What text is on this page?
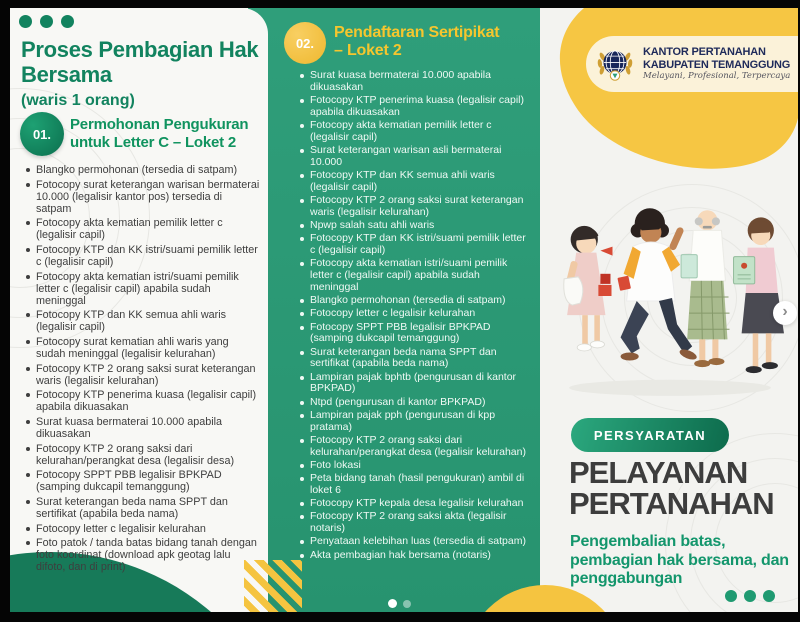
Proses Pembagian Hak
Bersama
(waris 1 orang)
01.
Permohonan Pengukuran
untuk Letter C – Loket 2
Blangko permohonan (tersedia di satpam)
Fotocopy surat keterangan warisan bermaterai 10.000 (legalisir kantor pos) tersedia di satpam
Fotocopy akta kematian pemilik letter c (legalisir capil)
Fotocopy KTP dan KK istri/suami pemilik letter c (legalisir capil)
Fotocopy akta kematian istri/suami pemilik letter c (legalisir capil) apabila sudah meninggal
Fotocopy KTP dan KK semua ahli waris (legalisir capil)
Fotocopy surat kematian ahli waris yang sudah meninggal (legalisir kelurahan)
Fotocopy KTP 2 orang saksi surat keterangan waris (legalisir kelurahan)
Fotocopy KTP penerima kuasa (legalisir capil) apabila dikuasakan
Surat kuasa bermaterai 10.000 apabila dikuasakan
Fotocopy KTP 2 orang saksi dari kelurahan/perangkat desa (legalisir desa)
Fotocopy SPPT PBB legalisir BPKPAD (samping dukcapil temanggung)
Surat keterangan beda nama SPPT dan sertifikat (apabila beda nama)
Fotocopy letter c legalisir kelurahan
Foto patok / tanda batas bidang tanah dengan foto koordinat (download apk geotag lalu difoto, dan di print)
02.
Pendaftaran Sertipikat
– Loket 2
Surat kuasa bermaterai 10.000 apabila dikuasakan
Fotocopy KTP penerima kuasa (legalisir capil) apabila dikuasakan
Fotocopy akta kematian pemilik letter c (legalisir capil)
Surat keterangan warisan asli bermaterai 10.000
Fotocopy KTP dan KK semua ahli waris (legalisir capil)
Fotocopy KTP 2 orang saksi surat keterangan waris (legalisir kelurahan)
Npwp salah satu ahli waris
Fotocopy KTP dan KK istri/suami pemilik letter c (legalisir capil)
Fotocopy akta kematian istri/suami pemilik letter c (legalisir capil) apabila sudah meninggal
Blangko permohonan (tersedia di satpam)
Fotocopy letter c legalisir kelurahan
Fotocopy SPPT PBB legalisir BPKPAD (samping dukcapil temanggung)
Surat keterangan beda nama SPPT dan sertifikat (apabila beda nama)
Lampiran pajak bphtb (pengurusan di kantor BPKPAD)
Ntpd (pengurusan di kantor BPKPAD)
Lampiran pajak pph (pengurusan di kpp pratama)
Fotocopy KTP 2 orang saksi dari kelurahan/perangkat desa (legalisir kelurahan)
Foto lokasi
Peta bidang tanah (hasil pengukuran) ambil di loket 6
Fotocopy KTP kepala desa legalisir kelurahan
Fotocopy KTP 2 orang saksi akta (legalisir notaris)
Penyataan kelebihan luas (tersedia di satpam)
Akta pembagian hak bersama (notaris)
KANTOR PERTANAHAN
KABUPATEN TEMANGGUNG
Melayani, Profesional, Terpercaya
›
PERSYARATAN
PELAYANAN
PERTANAHAN
Pengembalian batas, pembagian hak bersama, dan penggabungan
